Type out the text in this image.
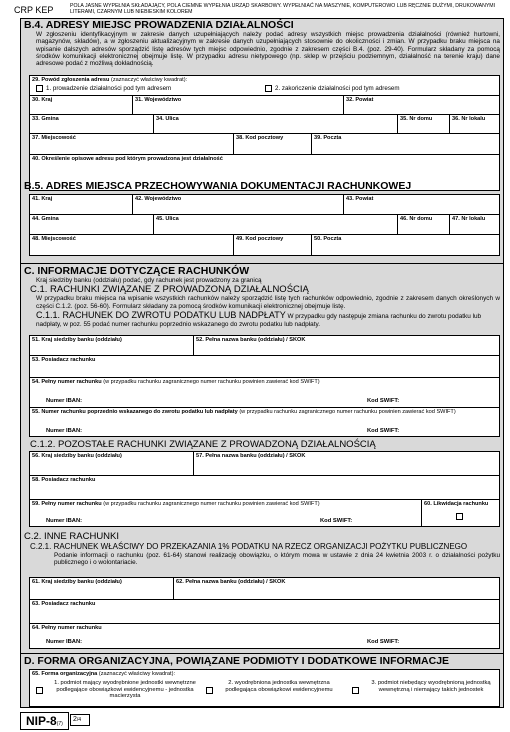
CRP KEP	POLA JASNE WYPEŁNIA SKŁADAJĄCY, POLA CIEMNE WYPEŁNIA URZĄD SKARBOWY. WYPEŁNIAĆ NA MASZYNIE, KOMPUTEROWO LUB RĘCZNIE DUŻYMI, DRUKOWANYMI LITERAMI, CZARNYM LUB NIEBIESKIM KOLOREM
B.4. ADRESY MIEJSC PROWADZENIA DZIAŁALNOŚCI
W zgłoszeniu identyfikacyjnym w zakresie danych uzupełniających należy podać adresy wszystkich miejsc prowadzenia działalności (również hurtowni, magazynów, składów), a w zgłoszeniu aktualizacyjnym w zakresie danych uzupełniających stosownie do okoliczności i zmian. W przypadku braku miejsca na wpisanie dalszych adresów sporządzić listę adresów tych miejsc odpowiednio, zgodnie z zakresem części B.4. (poz. 29-40). Formularz składany za pomocą środków komunikacji elektronicznej obejmuje listę. W przypadku adresu nietypowego (np. sklep w przejściu podziemnym, działalność na terenie kraju) dane adresowe podać z możliwą dokładnością.
29. Powód zgłoszenia adresu (zaznaczyć właściwy kwadrat):
1. prowadzenie działalności pod tym adresem	2. zakończenie działalności pod tym adresem
30. Kraj	31. Województwo	32. Powiat
33. Gmina	34. Ulica	35. Nr domu	36. Nr lokalu
37. Miejscowość	38. Kod pocztowy	39. Poczta
40. Określenie opisowe adresu pod którym prowadzona jest działalność
B.5. ADRES MIEJSCA PRZECHOWYWANIA DOKUMENTACJI RACHUNKOWEJ
41. Kraj	42. Województwo	43. Powiat
44. Gmina	45. Ulica	46. Nr domu	47. Nr lokalu
48. Miejscowość	49. Kod pocztowy	50. Poczta
C. INFORMACJE DOTYCZĄCE RACHUNKÓW
Kraj siedziby banku (oddziału) podać, gdy rachunek jest prowadzony za granicą
C.1. RACHUNKI ZWIĄZANE Z PROWADZONĄ DZIAŁALNOŚCIĄ
W przypadku braku miejsca na wpisanie wszystkich rachunków należy sporządzić listę tych rachunków odpowiednio, zgodnie z zakresem danych określonych w części C.1.2. (poz. 56-60). Formularz składany za pomocą środków komunikacji elektronicznej obejmuje listę.
C.1.1. RACHUNEK DO ZWROTU PODATKU LUB NADPŁATY W przypadku gdy następuje zmiana rachunku do zwrotu podatku lub nadpłaty, w poz. 55 podać numer rachunku poprzednio wskazanego do zwrotu podatku lub nadpłaty.
51. Kraj siedziby banku (oddziału)	52. Pełna nazwa banku (oddziału) / SKOK
53. Posiadacz rachunku
54. Pełny numer rachunku (w przypadku rachunku zagranicznego numer rachunku powinien zawierać kod SWIFT)
Numer IBAN:	Kod SWIFT:
55. Numer rachunku poprzednio wskazanego do zwrotu podatku lub nadpłaty (w przypadku rachunku zagranicznego numer rachunku powinien zawierać kod SWIFT)
Numer IBAN:	Kod SWIFT:
C.1.2. POZOSTAŁE RACHUNKI ZWIĄZANE Z PROWADZONĄ DZIAŁALNOŚCIĄ
56. Kraj siedziby banku (oddziału)	57. Pełna nazwa banku (oddziału) / SKOK
58. Posiadacz rachunku
59. Pełny numer rachunku (w przypadku rachunku zagranicznego numer rachunku powinien zawierać kod SWIFT)
Numer IBAN:	Kod SWIFT:
60. Likwidacja rachunku
C.2. INNE RACHUNKI
C.2.1. RACHUNEK WŁAŚCIWY DO PRZEKAZANIA 1% PODATKU NA RZECZ ORGANIZACJI POŻYTKU PUBLICZNEGO
Podanie informacji o rachunku (poz. 61-64) stanowi realizację obowiązku, o którym mowa w ustawie z dnia 24 kwietnia 2003 r. o działalności pożytku publicznego i o wolontariacie.
61. Kraj siedziby banku (oddziału)	62. Pełna nazwa banku (oddziału) / SKOK
63. Posiadacz rachunku
64. Pełny numer rachunku
Numer IBAN:	Kod SWIFT:
D. FORMA ORGANIZACYJNA, POWIĄZANE PODMIOTY I DODATKOWE INFORMACJE
65. Forma organizacyjna (zaznaczyć właściwy kwadrat):
1. podmiot mający wyodrębnione jednostki wewnętrzne podlegające obowiązkowi ewidencyjnemu - jednostka macierzysta
2. wyodrębniona jednostka wewnętrzna podlegająca obowiązkowi ewidencyjnemu
3. podmiot niebędący wyodrębnioną jednostką wewnętrzną i niemający takich jednostek
NIP-8(7)
2/4
